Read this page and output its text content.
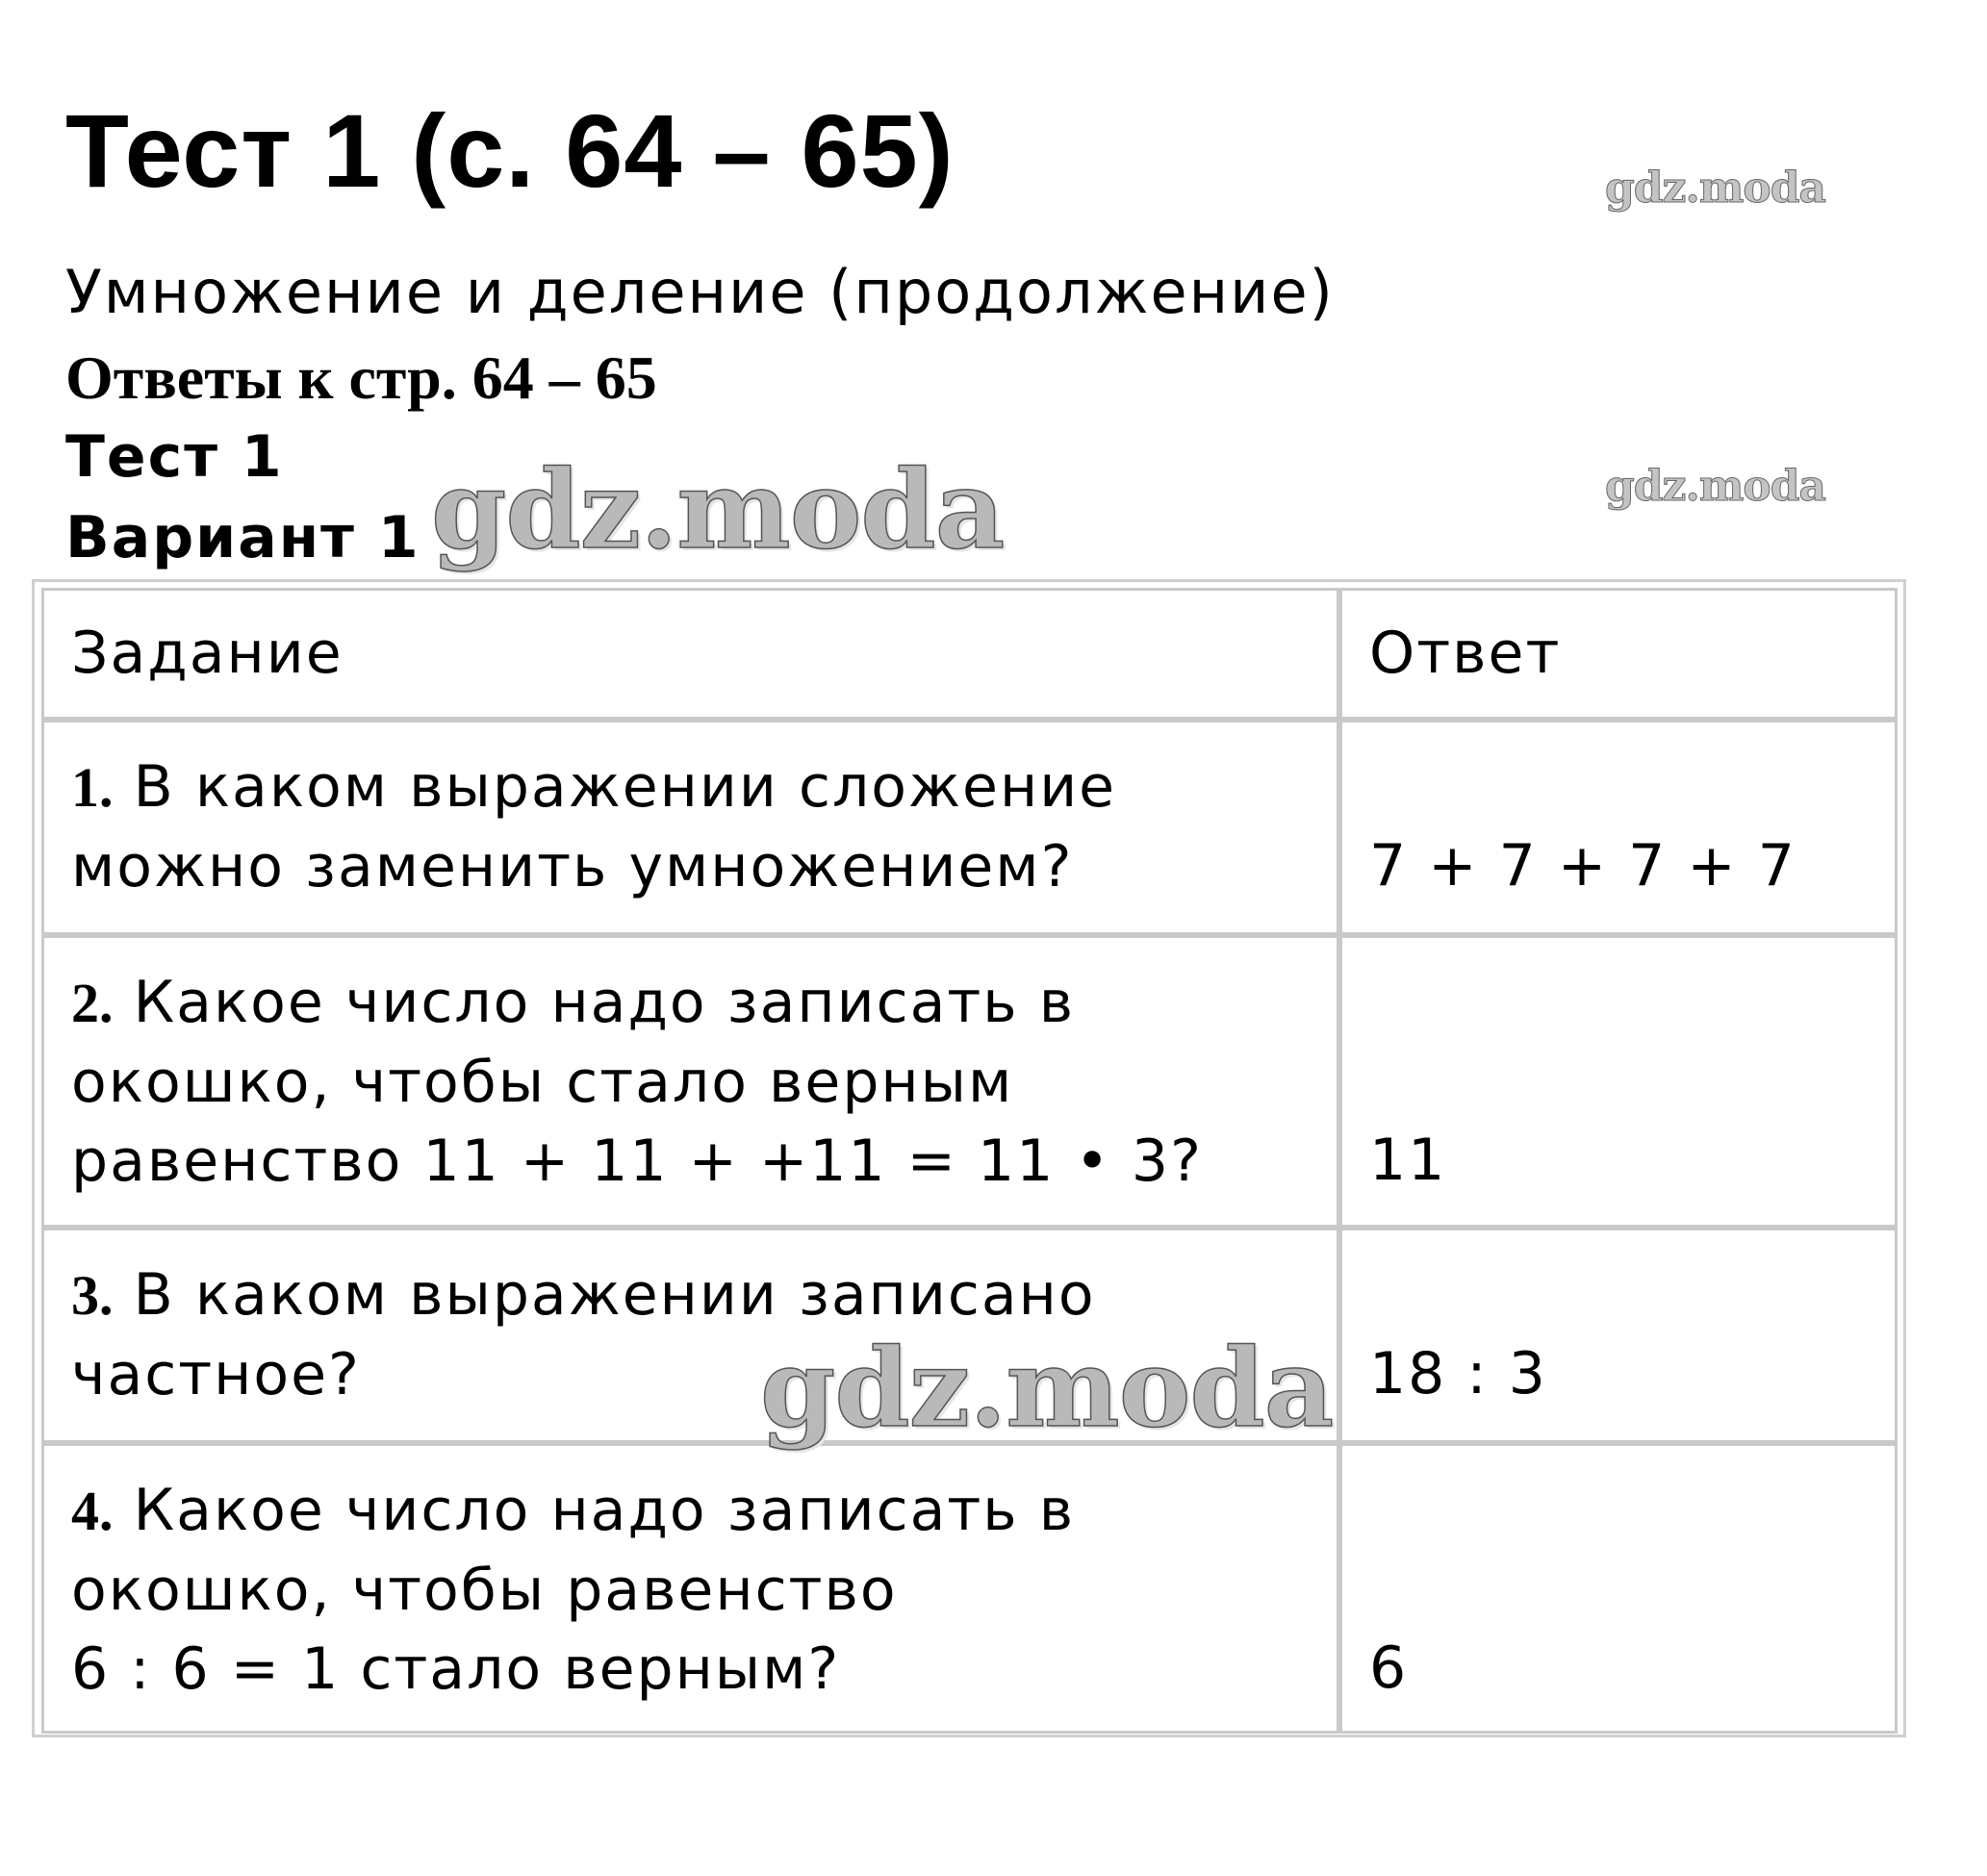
Тест 1 (с. 64 – 65)	gdz.moda
Умножение и деление (продолжение)
Ответы к стр. 64 – 65
Тест 1	gdz.moda
Вариант 1 gdz.moda
Задание	Ответ
1. В каком выражении сложение
можно заменить умножением?	7 + 7 + 7 + 7
2. Какое число надо записать в
окошко, чтобы стало верным
равенство 11 + 11 + +11 = 11 • 3?	11
3. В каком выражении записано
частное?	18 : 3
4. Какое число надо записать в
окошко, чтобы равенство
6 : 6 = 1 стало верным?	6
gdz.moda
